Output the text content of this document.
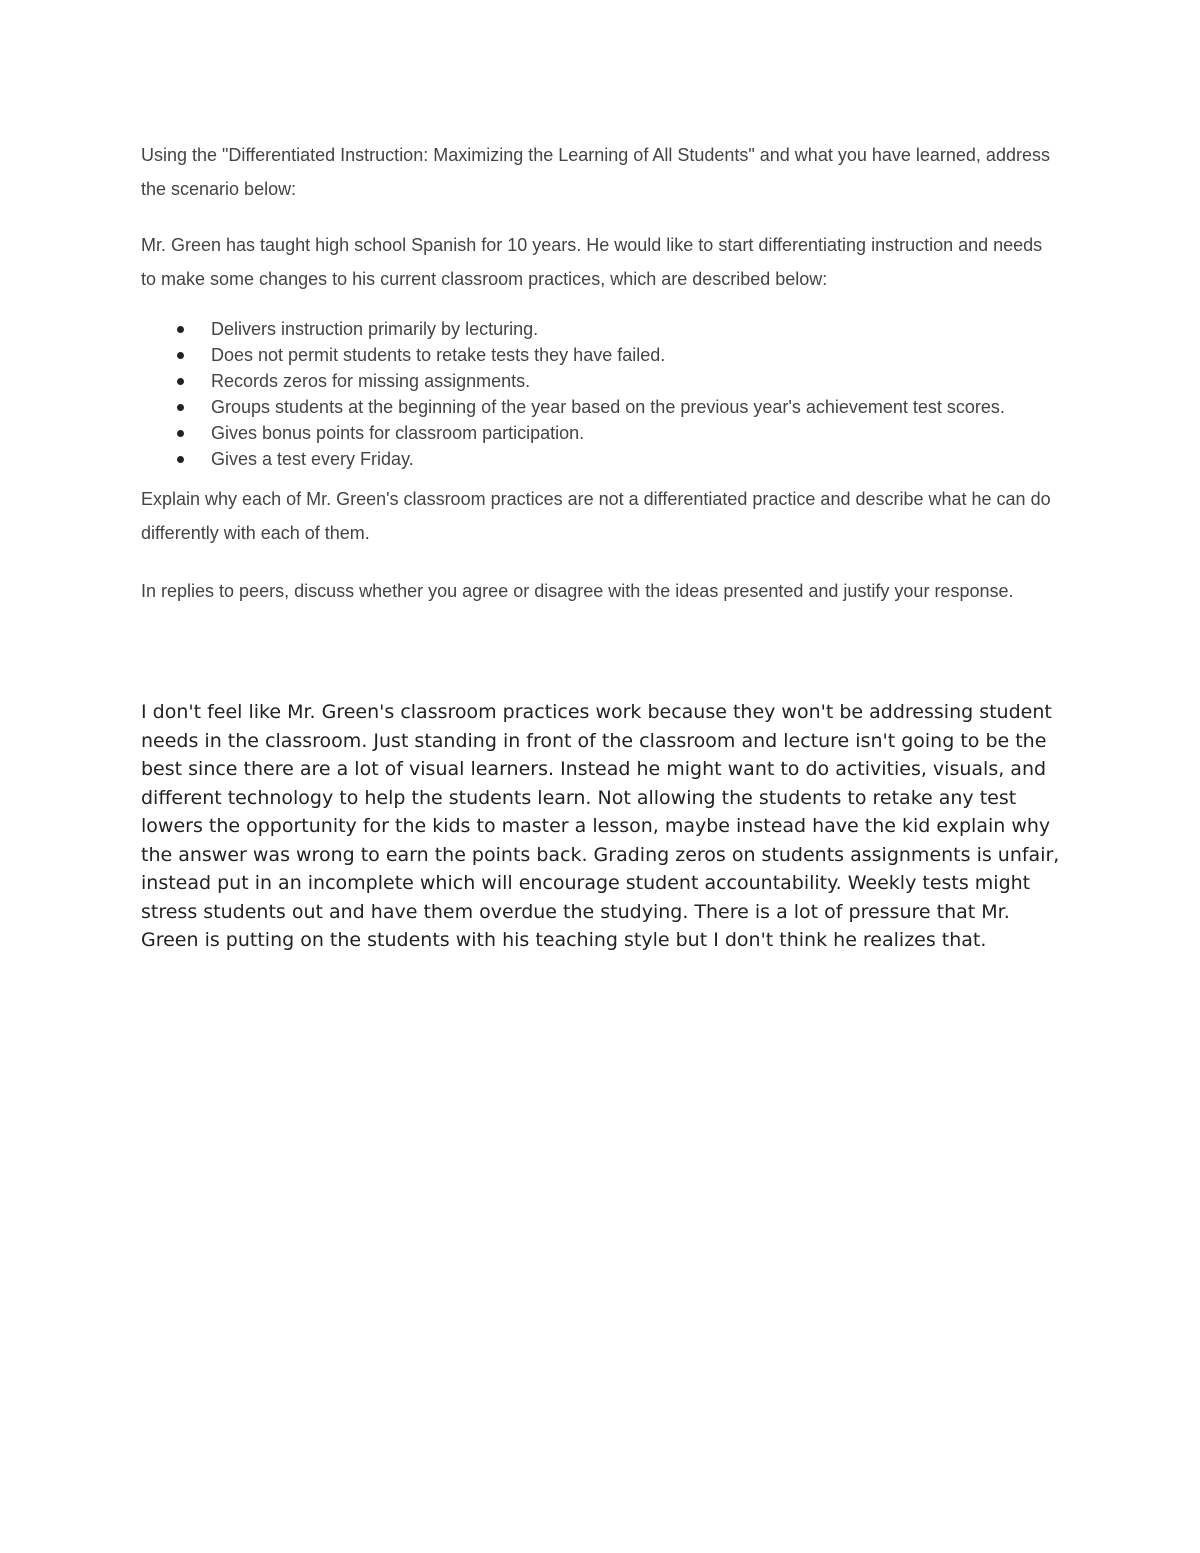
Using the "Differentiated Instruction: Maximizing the Learning of All Students" and what you have learned, address the scenario below:

Mr. Green has taught high school Spanish for 10 years. He would like to start differentiating instruction and needs to make some changes to his current classroom practices, which are described below:

Delivers instruction primarily by lecturing.
Does not permit students to retake tests they have failed.
Records zeros for missing assignments.
Groups students at the beginning of the year based on the previous year's achievement test scores.
Gives bonus points for classroom participation.
Gives a test every Friday.

Explain why each of Mr. Green's classroom practices are not a differentiated practice and describe what he can do differently with each of them.

In replies to peers, discuss whether you agree or disagree with the ideas presented and justify your response.

I don't feel like Mr. Green's classroom practices work because they won't be addressing student needs in the classroom. Just standing in front of the classroom and lecture isn't going to be the best since there are a lot of visual learners. Instead he might want to do activities, visuals, and different technology to help the students learn. Not allowing the students to retake any test lowers the opportunity for the kids to master a lesson, maybe instead have the kid explain why the answer was wrong to earn the points back. Grading zeros on students assignments is unfair, instead put in an incomplete which will encourage student accountability. Weekly tests might stress students out and have them overdue the studying. There is a lot of pressure that Mr. Green is putting on the students with his teaching style but I don't think he realizes that.
